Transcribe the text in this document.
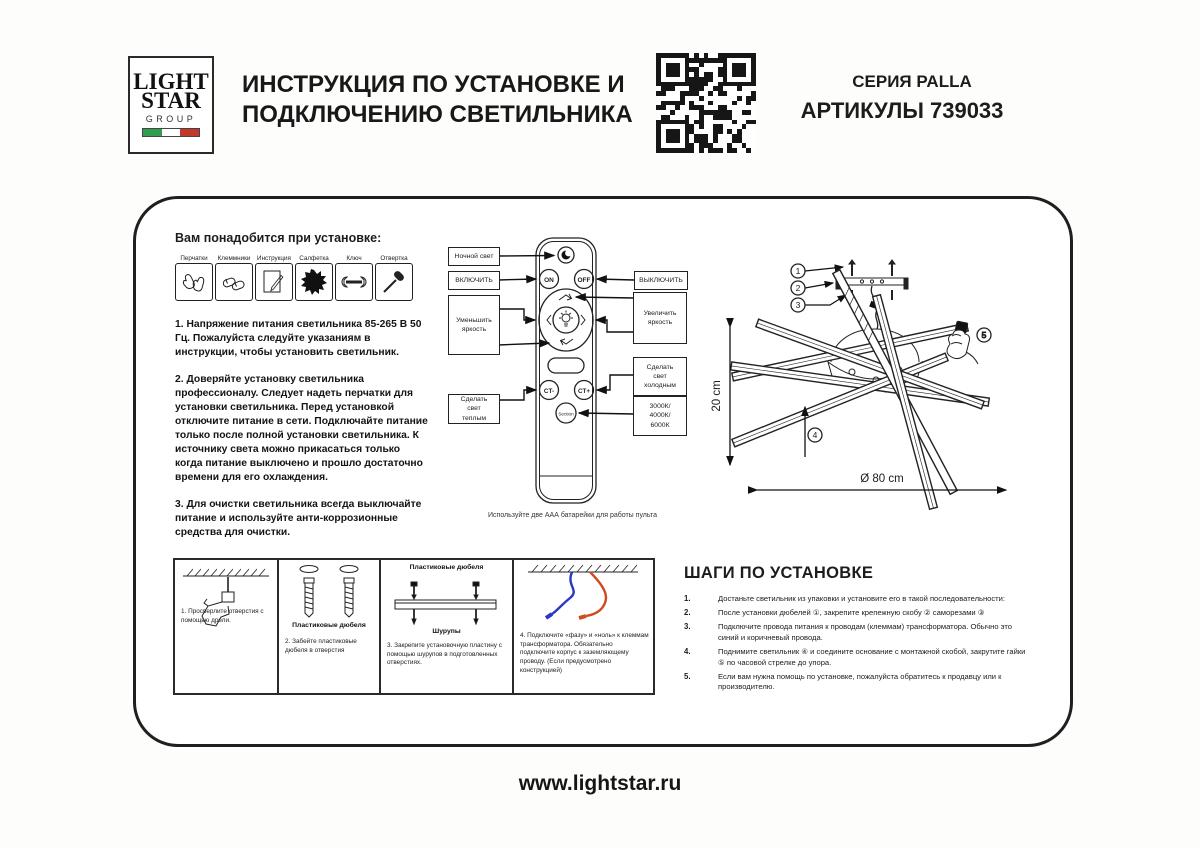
LIGHT
STAR
GROUP
ИНСТРУКЦИЯ ПО УСТАНОВКЕ И
ПОДКЛЮЧЕНИЮ СВЕТИЛЬНИКА
СЕРИЯ PALLA
АРТИКУЛЫ 739033
Вам понадобится при установке:
Перчатки Клеммники Инструкция Салфетка	Ключ	Отвертка

1. Напряжение питания светильника 85-265 В 50 Гц. Пожалуйста следуйте указаниям в инструкции, чтобы установить светильник.

2. Доверяйте установку светильника профессионалу. Следует надеть перчатки для установки светильника. Перед установкой отключите питание в сети. Подключайте питание только после полной установки светильника. К источнику света можно прикасаться только когда питание выключено и прошло достаточно времени для его охлаждения.

3. Для очистки светильника всегда выключайте питание и используйте анти-коррозионные средства для очистки.

ON	OFF
CT-	CT+
Section
Ночной свет
ВКЛЮЧИТЬ
Уменьшить
яркость
Сделать
свет
теплым
ВЫКЛЮЧИТЬ
Увеличить
яркость
Сделать
свет
холодным
3000К/
4000К/
6000К
Используйте две ААА батарейки для работы пульта
1
2
3
4
5
20 cm
Ø 80 cm
1. Просверлите отверстия с помощью дрели.
Пластиковые дюбеля
2. Забейте пластиковые дюбеля в отверстия
Пластиковые дюбеля
Шурупы
3. Закрепите установочную пластину с помощью шурупов в подготовленных отверстиях.
4. Подключите «фазу» и «ноль» к клеммам трансформатора. Обязательно подключите корпус к заземляющему проводу. (Если предусмотрено конструкцией)
ШАГИ ПО УСТАНОВКЕ
1.	Достаньте светильник из упаковки и установите его в такой последовательности:
2.	После установки дюбелей ①, закрепите крепежную скобу ② саморезами ③
3.	Подключите провода питания к проводам (клеммам) трансформатора. Обычно это синий и коричневый провода.
4.	Поднимите светильник ④ и соедините основание с монтажной скобой, закрутите гайки ⑤ по часовой стрелке до упора.
5.	Если вам нужна помощь по установке, пожалуйста обратитесь к продавцу или к производителю.
www.lightstar.ru
